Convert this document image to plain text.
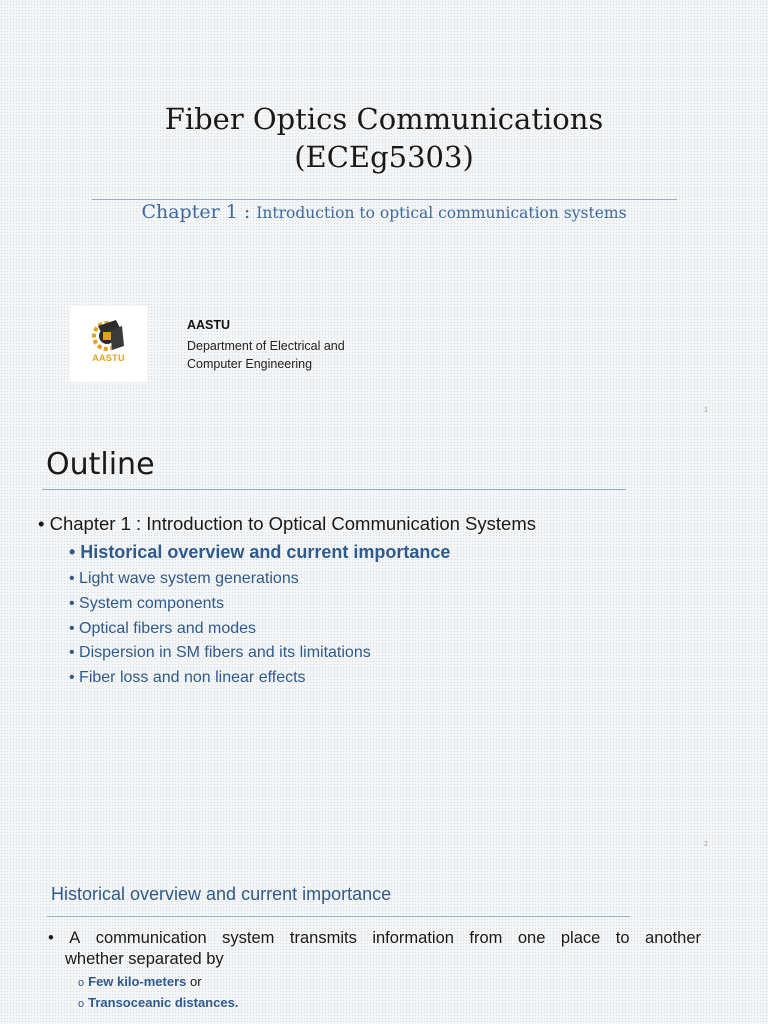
Fiber Optics Communications
(ECEg5303)
Chapter 1 : Introduction to optical communication systems
AASTU
AASTU
Department of Electrical and
Computer Engineering
1
Outline
• Chapter 1 : Introduction to Optical Communication Systems
• Historical overview and current importance
• Light wave system generations
• System components
• Optical fibers and modes
• Dispersion in SM fibers and its limitations
• Fiber loss and non linear effects
2
Historical overview and current importance
• A communication system transmits information from one place to another
whether separated by
o Few kilo-meters or
o Transoceanic distances.
